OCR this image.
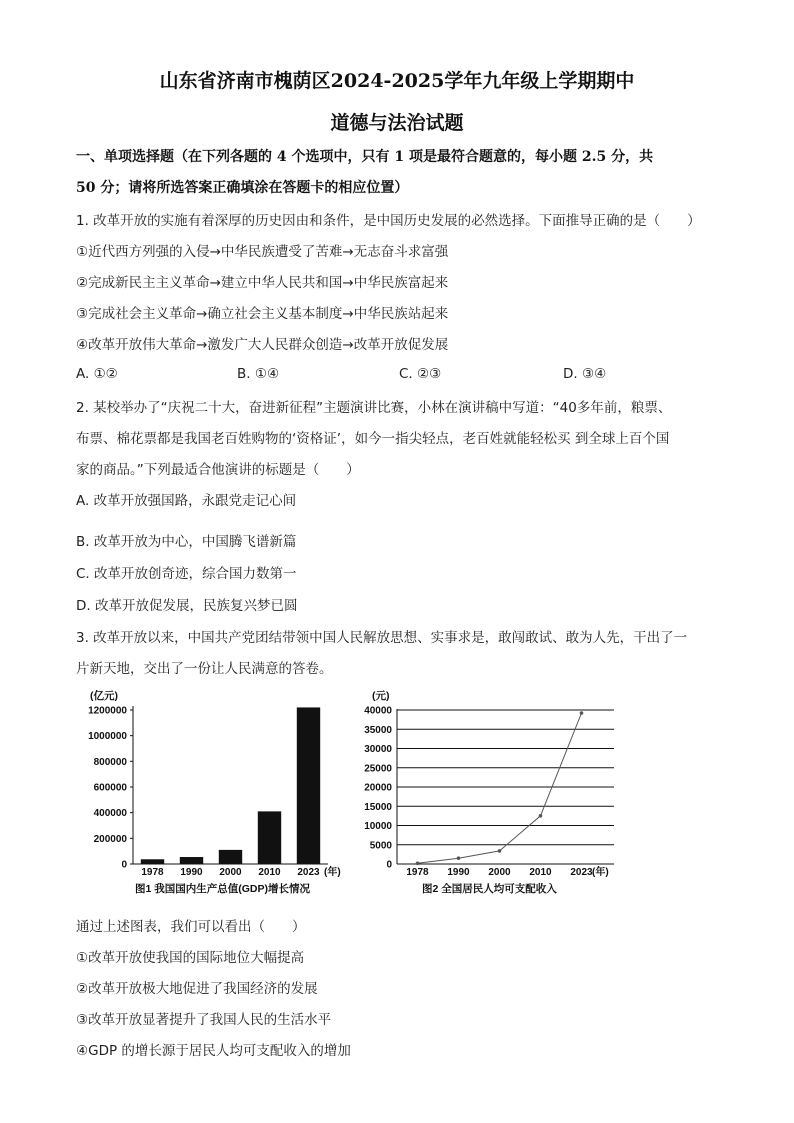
山东省济南市槐荫区2024-2025学年九年级上学期期中
道德与法治试题
一、单项选择题（在下列各题的 4 个选项中，只有 1 项是最符合题意的，每小题 2.5 分，共
50 分；请将所选答案正确填涂在答题卡的相应位置）
1. 改革开放的实施有着深厚的历史因由和条件，是中国历史发展的必然选择。下面推导正确的是（　　）
①近代西方列强的入侵→中华民族遭受了苦难→无志奋斗求富强
②完成新民主主义革命→建立中华人民共和国→中华民族富起来
③完成社会主义革命→确立社会主义基本制度→中华民族站起来
④改革开放伟大革命→激发广大人民群众创造→改革开放促发展
A. ①②	B. ①④	C. ②③	D. ③④
2. 某校举办了“庆祝二十大，奋进新征程”主题演讲比赛，小林在演讲稿中写道：“40多年前，粮票、
布票、棉花票都是我国老百姓购物的‘资格证’，如今一指尖轻点，老百姓就能轻松买 到全球上百个国
家的商品。”下列最适合他演讲的标题是（　　）
A. 改革开放强国路，永跟党走记心间
B. 改革开放为中心，中国腾飞谱新篇
C. 改革开放创奇迹，综合国力数第一
D. 改革开放促发展，民族复兴梦已圆
3. 改革开放以来，中国共产党团结带领中国人民解放思想、实事求是，敢闯敢试、敢为人先，干出了一
片新天地，交出了一份让人民满意的答卷。
(亿元)
0
200000
400000
600000
800000
1000000
1200000
1978 1990 2000 2010 2023 (年)
图1 我国国内生产总值(GDP)增长情况
(元)
0
5000
10000
15000
20000
25000
30000
35000
40000
1978 1990 2000 2010 2023 (年)
图2 全国居民人均可支配收入
通过上述图表，我们可以看出（　　）
①改革开放使我国的国际地位大幅提高
②改革开放极大地促进了我国经济的发展
③改革开放显著提升了我国人民的生活水平
④GDP 的增长源于居民人均可支配收入的增加
